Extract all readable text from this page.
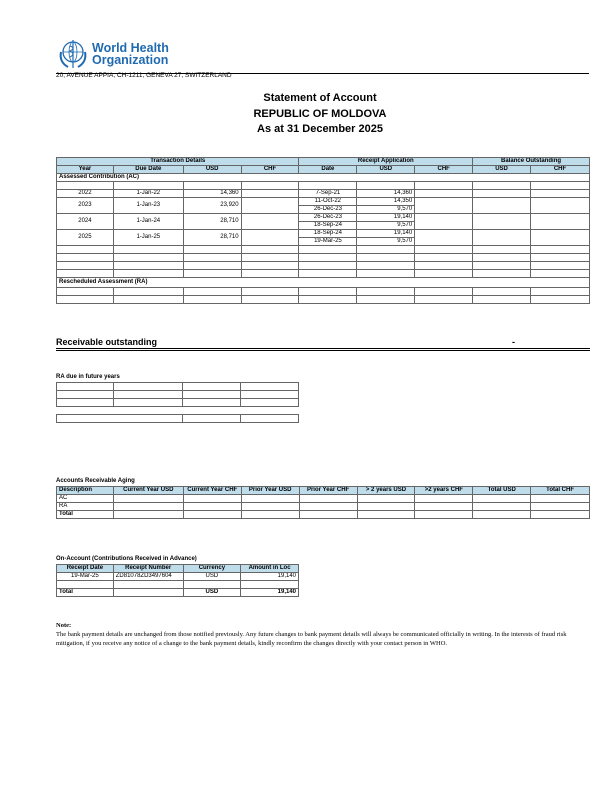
World Health
Organization
20, AVENUE APPIA, CH-1211, GENEVA 27, SWITZERLAND
Statement of Account
REPUBLIC OF MOLDOVA
As at 31 December 2025
Transaction Details				Receipt Application			Balance Outstanding	
Year	Due Date	USD	CHF	Date	USD	CHF	USD	CHF
Assessed Contribution (AC)								

2022	1-Jan-22	14,360		7-Sep-21	14,360			
2023	1-Jan-23	23,920		11-Oct-22	14,350			
				26-Dec-23	9,570			
2024	1-Jan-24	28,710		26-Dec-23	19,140			
				18-Sep-24	9,570			
2025	1-Jan-25	28,710		18-Sep-24	19,140			
				19-Mar-25	9,570			

Rescheduled Assessment (RA)								

Receivable outstanding	-
RA due in future years

Accounts Receivable Aging
Description	Current Year USD	Current Year CHF	Prior Year USD	Prior Year CHF	> 2 years USD	>2 years CHF	Total USD	Total CHF
AC								
RA								
Total								
On-Account (Contributions Received in Advance)
Receipt Date	Receipt Number	Currency	Amount in Loc
19-Mar-25	ZD81078ZD3497604	USD	19,140

Total		USD	19,140
Note:
The bank payment details are unchanged from those notified previously. Any future changes to bank payment details will always be communicated officially in writing. In the interests of fraud risk mitigation, if you receive any notice of a change to the bank payment details, kindly reconfirm the changes directly with your contact person in WHO.
